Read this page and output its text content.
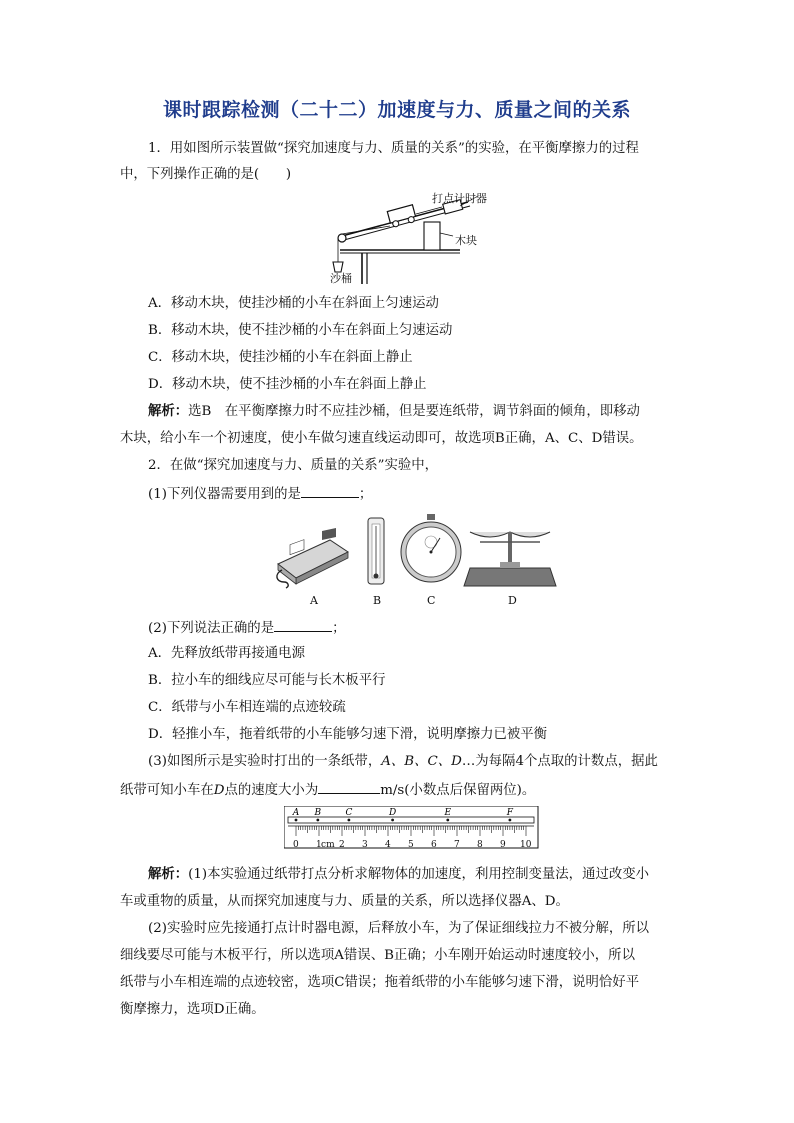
课时跟踪检测（二十二）加速度与力、质量之间的关系
1．用如图所示装置做“探究加速度与力、质量的关系”的实验，在平衡摩擦力的过程
中，下列操作正确的是(　　)
打点计时器
木块
沙桶
A．移动木块，使挂沙桶的小车在斜面上匀速运动
B．移动木块，使不挂沙桶的小车在斜面上匀速运动
C．移动木块，使挂沙桶的小车在斜面上静止
D．移动木块，使不挂沙桶的小车在斜面上静止
解析：选B　在平衡摩擦力时不应挂沙桶，但是要连纸带，调节斜面的倾角，即移动
木块，给小车一个初速度，使小车做匀速直线运动即可，故选项B正确，A、C、D错误。
2．在做“探究加速度与力、质量的关系”实验中，
(1)下列仪器需要用到的是	；
A	B	C	D
(2)下列说法正确的是	；
A．先释放纸带再接通电源
B．拉小车的细线应尽可能与长木板平行
C．纸带与小车相连端的点迹较疏
D．轻推小车，拖着纸带的小车能够匀速下滑，说明摩擦力已被平衡
(3)如图所示是实验时打出的一条纸带，A、B、C、D…为每隔4个点取的计数点，据此
纸带可知小车在D点的速度大小为	m/s(小数点后保留两位)。
A B	C	D	E	F
0 1 cm 2 3 4 5 6 7 8 9 10
解析：(1)本实验通过纸带打点分析求解物体的加速度，利用控制变量法，通过改变小
车或重物的质量，从而探究加速度与力、质量的关系，所以选择仪器A、D。
(2)实验时应先接通打点计时器电源，后释放小车，为了保证细线拉力不被分解，所以
细线要尽可能与木板平行，所以选项A错误、B正确；小车刚开始运动时速度较小，所以
纸带与小车相连端的点迹较密，选项C错误；拖着纸带的小车能够匀速下滑，说明恰好平
衡摩擦力，选项D正确。
